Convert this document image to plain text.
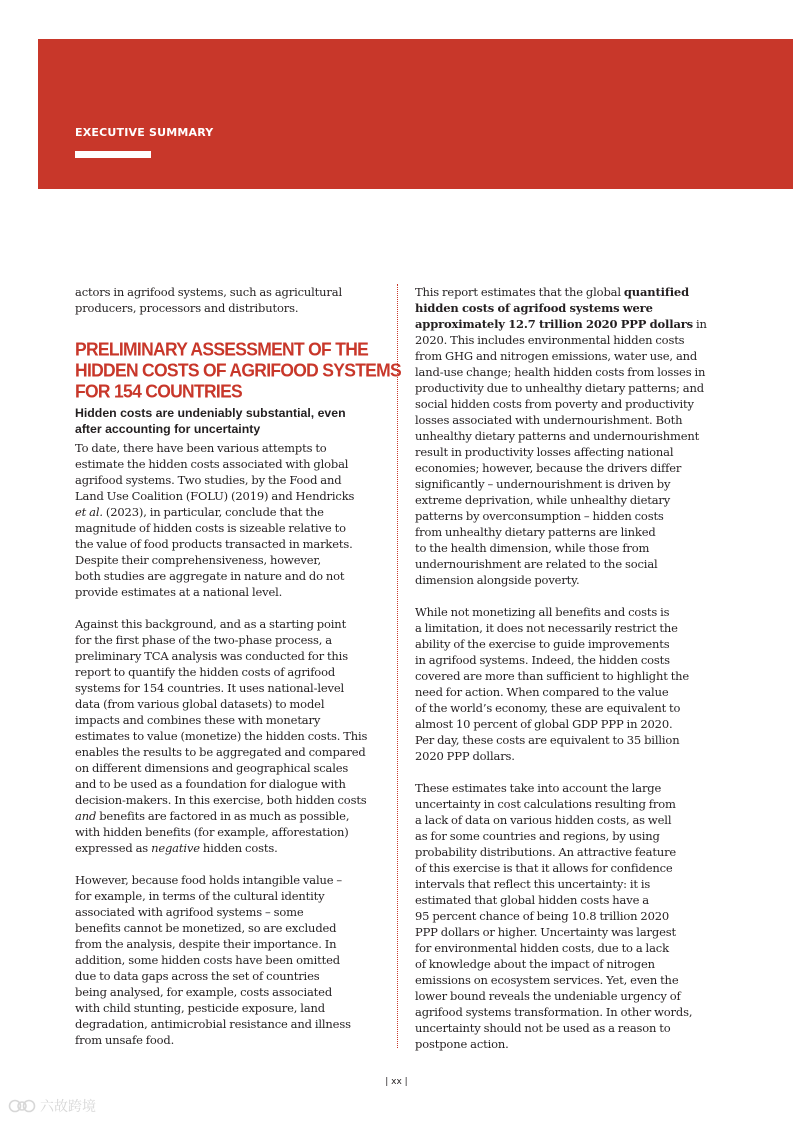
EXECUTIVE SUMMARY
actors in agrifood systems, such as agricultural
producers, processors and distributors.
PRELIMINARY ASSESSMENT OF THE
HIDDEN COSTS OF AGRIFOOD SYSTEMS
FOR 154 COUNTRIES
Hidden costs are undeniably substantial, even
after accounting for uncertainty
To date, there have been various attempts to
estimate the hidden costs associated with global
agrifood systems. Two studies, by the Food and
Land Use Coalition (FOLU) (2019) and Hendricks
et al. (2023), in particular, conclude that the
magnitude of hidden costs is sizeable relative to
the value of food products transacted in markets.
Despite their comprehensiveness, however,
both studies are aggregate in nature and do not
provide estimates at a national level.
Against this background, and as a starting point
for the first phase of the two-phase process, a
preliminary TCA analysis was conducted for this
report to quantify the hidden costs of agrifood
systems for 154 countries. It uses national-level
data (from various global datasets) to model
impacts and combines these with monetary
estimates to value (monetize) the hidden costs. This
enables the results to be aggregated and compared
on different dimensions and geographical scales
and to be used as a foundation for dialogue with
decision-makers. In this exercise, both hidden costs
and benefits are factored in as much as possible,
with hidden benefits (for example, afforestation)
expressed as negative hidden costs.
However, because food holds intangible value –
for example, in terms of the cultural identity
associated with agrifood systems – some
benefits cannot be monetized, so are excluded
from the analysis, despite their importance. In
addition, some hidden costs have been omitted
due to data gaps across the set of countries
being analysed, for example, costs associated
with child stunting, pesticide exposure, land
degradation, antimicrobial resistance and illness
from unsafe food.
This report estimates that the global quantified
hidden costs of agrifood systems were
approximately 12.7 trillion 2020 PPP dollars in
2020. This includes environmental hidden costs
from GHG and nitrogen emissions, water use, and
land-use change; health hidden costs from losses in
productivity due to unhealthy dietary patterns; and
social hidden costs from poverty and productivity
losses associated with undernourishment. Both
unhealthy dietary patterns and undernourishment
result in productivity losses affecting national
economies; however, because the drivers differ
significantly – undernourishment is driven by
extreme deprivation, while unhealthy dietary
patterns by overconsumption – hidden costs
from unhealthy dietary patterns are linked
to the health dimension, while those from
undernourishment are related to the social
dimension alongside poverty.
While not monetizing all benefits and costs is
a limitation, it does not necessarily restrict the
ability of the exercise to guide improvements
in agrifood systems. Indeed, the hidden costs
covered are more than sufficient to highlight the
need for action. When compared to the value
of the world’s economy, these are equivalent to
almost 10 percent of global GDP PPP in 2020.
Per day, these costs are equivalent to 35 billion
2020 PPP dollars.
These estimates take into account the large
uncertainty in cost calculations resulting from
a lack of data on various hidden costs, as well
as for some countries and regions, by using
probability distributions. An attractive feature
of this exercise is that it allows for confidence
intervals that reflect this uncertainty: it is
estimated that global hidden costs have a
95 percent chance of being 10.8 trillion 2020
PPP dollars or higher. Uncertainty was largest
for environmental hidden costs, due to a lack
of knowledge about the impact of nitrogen
emissions on ecosystem services. Yet, even the
lower bound reveals the undeniable urgency of
agrifood systems transformation. In other words,
uncertainty should not be used as a reason to
postpone action.
| xx |
六故跨境
